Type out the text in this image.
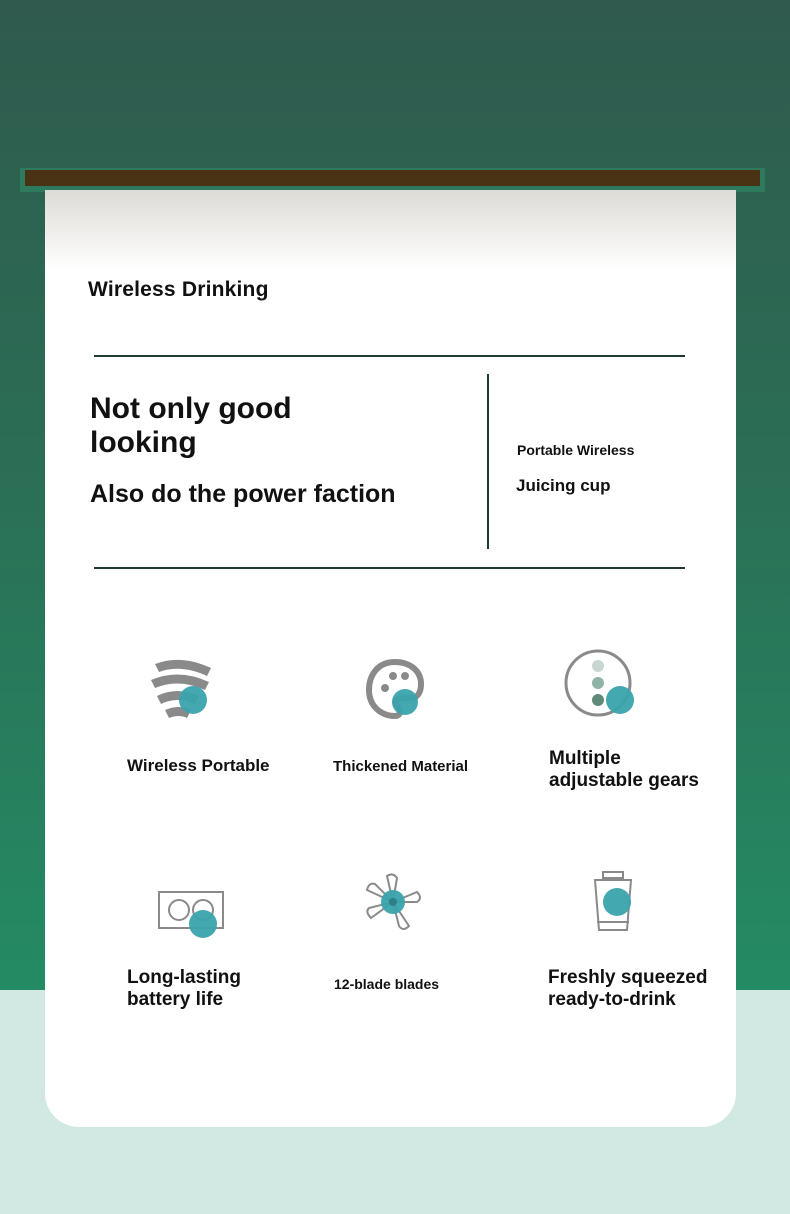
Wireless Drinking
Not only good looking
Also do the power faction
Portable Wireless
Juicing cup
Wireless Portable	Thickened Material	Multiple
adjustable gears
Long-lasting
battery life
12-blade blades	Freshly squeezed
ready-to-drink
